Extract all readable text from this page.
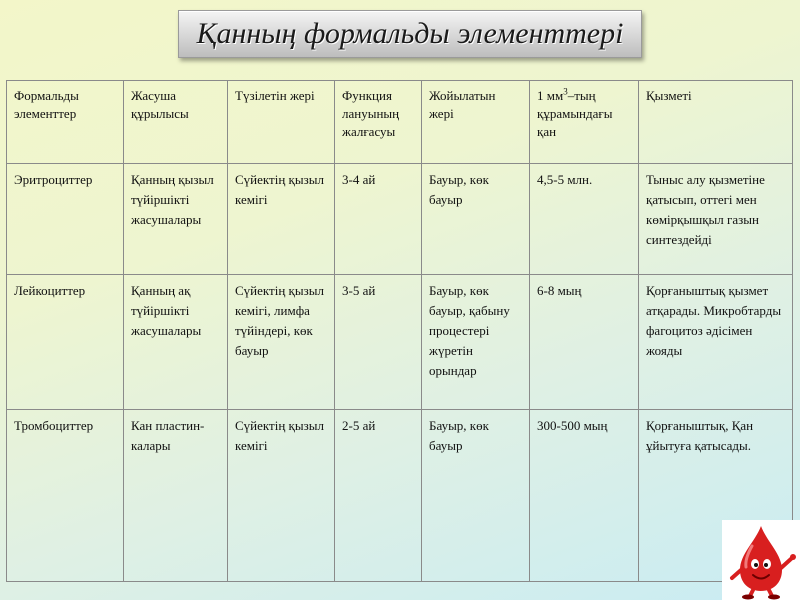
Қанның формальды элементтері
Формальды элементтер	Жасуша құрылысы	Түзілетін жері	Функция лануының жалғасуы	Жойылатын жері	1 $мм^3$–тың құрамындағы қан	Қызметі
Эритроциттер	Қанның қызыл түйіршікті жасушалары	Сүйектің қызыл кемігі	3-4 ай	Бауыр, көк бауыр	4,5-5 млн.	Тыныс алу қызметіне қатысып, оттегі мен көмірқышқыл газын синтездейді
Лейкоциттер	Қанның ақ түйіршікті жасушалары	Сүйектің қызыл кемігі, лимфа түйіндері, көк бауыр	3-5 ай	Бауыр, көк бауыр, қабыну процестері жүретін орындар	6-8 мың	Қорғаныштық қызмет атқарады. Микробтарды фагоцитоз әдісімен жояды
Тромбоциттер	Кан пластин-калары	Сүйектің қызыл кемігі	2-5 ай	Бауыр, көк бауыр	300-500 мың	Қорғаныштық, Қан ұйытуға қатысады.
